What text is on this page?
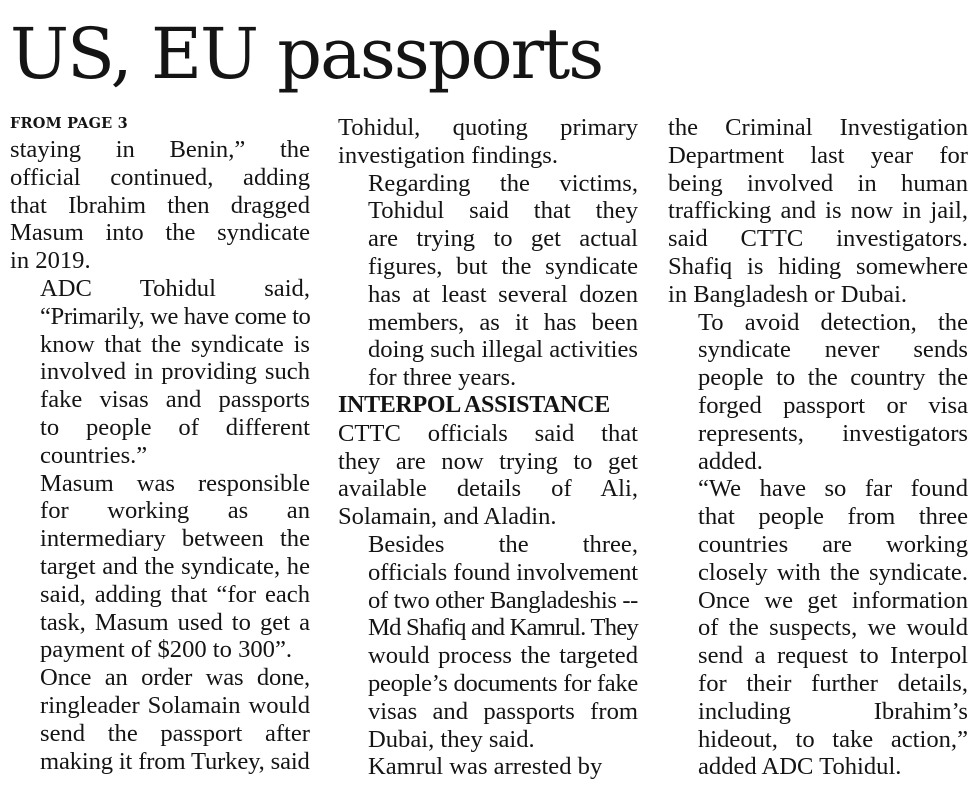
US, EU passports
FROM PAGE 3

staying in Benin,” the
official continued, adding
that Ibrahim then dragged
Masum into the syndicate
in 2019.

ADC Tohidul said,
“Primarily, we have come to
know that the syndicate is
involved in providing such
fake visas and passports
to people of different
countries.”

Masum was responsible
for working as an
intermediary between the
target and the syndicate, he
said, adding that “for each
task, Masum used to get a
payment of $200 to 300”.

Once an order was done,
ringleader Solamain would
send the passport after
making it from Turkey, said

Tohidul, quoting primary
investigation findings.

Regarding the victims,
Tohidul said that they
are trying to get actual
figures, but the syndicate
has at least several dozen
members, as it has been
doing such illegal activities
for three years.

INTERPOL ASSISTANCE

CTTC officials said that
they are now trying to get
available details of Ali,
Solamain, and Aladin.

Besides the three,
officials found involvement
of two other Bangladeshis --
Md Shafiq and Kamrul. They
would process the targeted
people’s documents for fake
visas and passports from
Dubai, they said.

Kamrul was arrested by

the Criminal Investigation
Department last year for
being involved in human
trafficking and is now in jail,
said CTTC investigators.
Shafiq is hiding somewhere
in Bangladesh or Dubai.

To avoid detection, the
syndicate never sends
people to the country the
forged passport or visa
represents, investigators
added.

“We have so far found
that people from three
countries are working
closely with the syndicate.
Once we get information
of the suspects, we would
send a request to Interpol
for their further details,
including Ibrahim’s
hideout, to take action,”
added ADC Tohidul.
